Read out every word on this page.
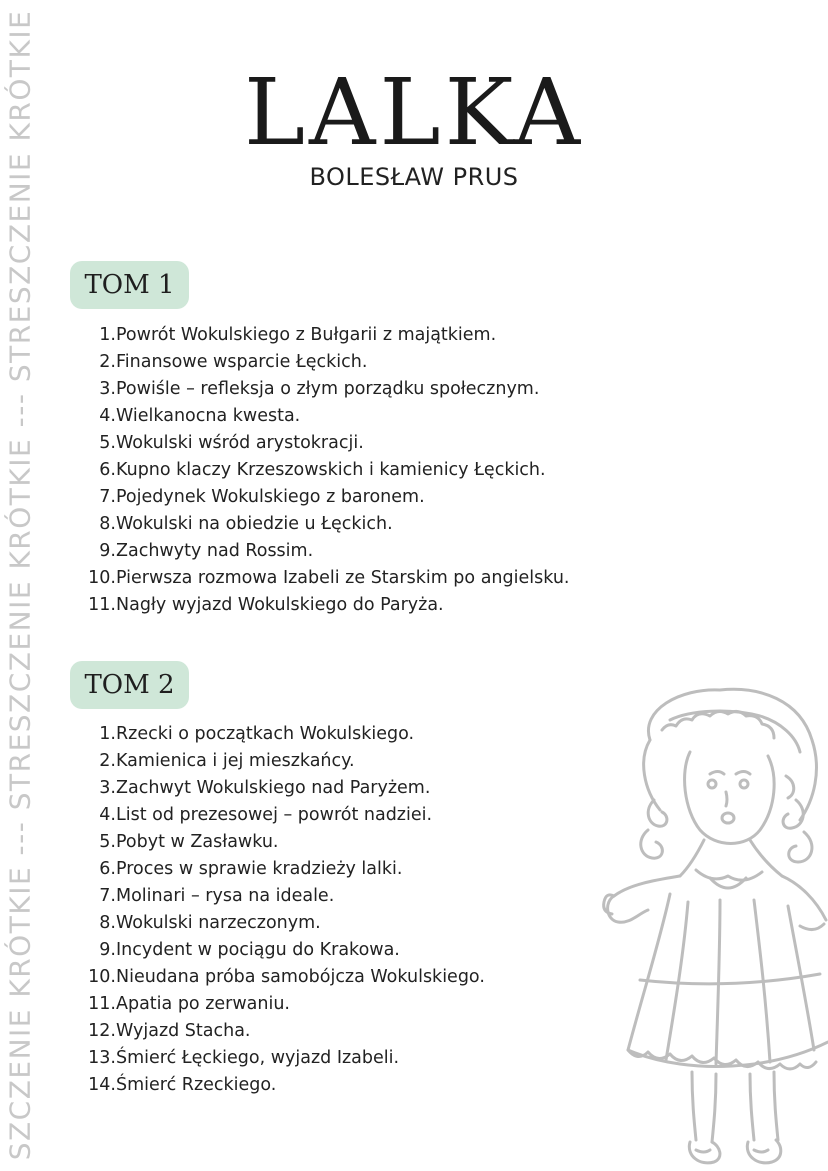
SZCZENIE KRÓTKIE --- STRESZCZENIE KRÓTKIE --- STRESZCZENIE KRÓTKIE	LALKA
BOLESŁAW PRUS
TOM 1
1. Powrót Wokulskiego z Bułgarii z majątkiem.
2. Finansowe wsparcie Łęckich.
3. Powiśle – refleksja o złym porządku społecznym.
4. Wielkanocna kwesta.
5. Wokulski wśród arystokracji.
6. Kupno klaczy Krzeszowskich i kamienicy Łęckich.
7. Pojedynek Wokulskiego z baronem.
8. Wokulski na obiedzie u Łęckich.
9. Zachwyty nad Rossim.
10. Pierwsza rozmowa Izabeli ze Starskim po angielsku.
11. Nagły wyjazd Wokulskiego do Paryża.
TOM 2
1. Rzecki o początkach Wokulskiego.
2. Kamienica i jej mieszkańcy.
3. Zachwyt Wokulskiego nad Paryżem.
4. List od prezesowej – powrót nadziei.
5. Pobyt w Zasławku.
6. Proces w sprawie kradzieży lalki.
7. Molinari – rysa na ideale.
8. Wokulski narzeczonym.
9. Incydent w pociągu do Krakowa.
10. Nieudana próba samobójcza Wokulskiego.
11. Apatia po zerwaniu.
12. Wyjazd Stacha.
13. Śmierć Łęckiego, wyjazd Izabeli.
14. Śmierć Rzeckiego.
